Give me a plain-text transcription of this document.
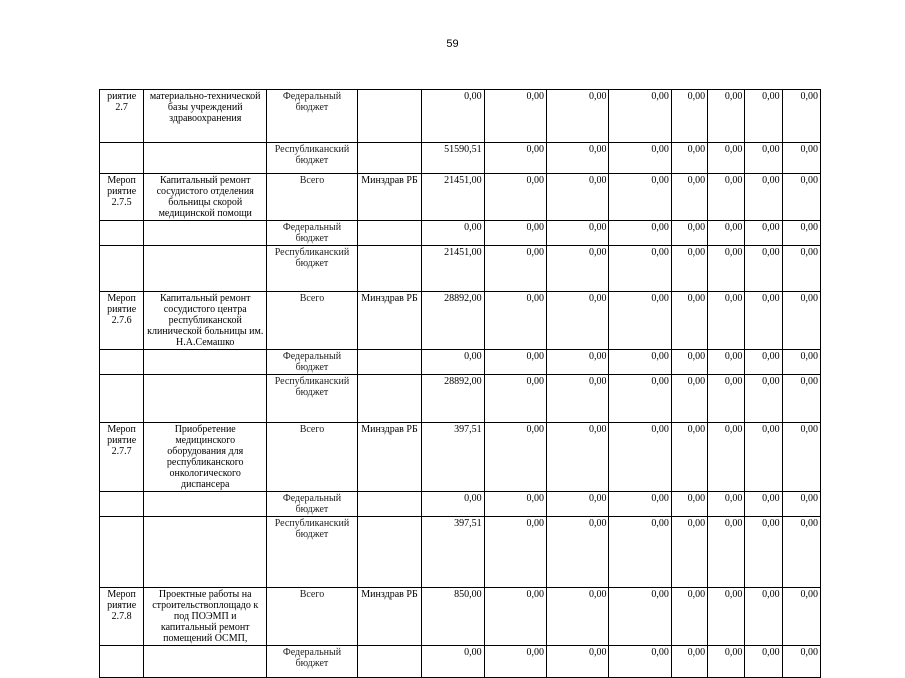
59
риятие 2.7	материально-технической базы учреждений здравоохранения	Федеральный бюджет		0,00	0,00	0,00	0,00	0,00	0,00	0,00	0,00
		Республиканский бюджет		51590,51	0,00	0,00	0,00	0,00	0,00	0,00	0,00
Мероп риятие 2.7.5	Капитальный ремонт сосудистого отделения больницы скорой медицинской помощи	Всего	Минздрав РБ	21451,00	0,00	0,00	0,00	0,00	0,00	0,00	0,00
		Федеральный бюджет		0,00	0,00	0,00	0,00	0,00	0,00	0,00	0,00
		Республиканский бюджет		21451,00	0,00	0,00	0,00	0,00	0,00	0,00	0,00
Мероп риятие 2.7.6	Капитальный ремонт сосудистого центра республиканской клинической больницы им. Н.А.Семашко	Всего	Минздрав РБ	28892,00	0,00	0,00	0,00	0,00	0,00	0,00	0,00
		Федеральный бюджет		0,00	0,00	0,00	0,00	0,00	0,00	0,00	0,00
		Республиканский бюджет		28892,00	0,00	0,00	0,00	0,00	0,00	0,00	0,00
Мероп риятие 2.7.7	Приобретение медицинского оборудования для республиканского онкологического диспансера	Всего	Минздрав РБ	397,51	0,00	0,00	0,00	0,00	0,00	0,00	0,00
		Федеральный бюджет		0,00	0,00	0,00	0,00	0,00	0,00	0,00	0,00
		Республиканский бюджет		397,51	0,00	0,00	0,00	0,00	0,00	0,00	0,00
Мероп риятие 2.7.8	Проектные работы на строительствоплощадо к под ПОЭМП и капитальный ремонт помещений ОСМП,	Всего	Минздрав РБ	850,00	0,00	0,00	0,00	0,00	0,00	0,00	0,00
		Федеральный бюджет		0,00	0,00	0,00	0,00	0,00	0,00	0,00	0,00
